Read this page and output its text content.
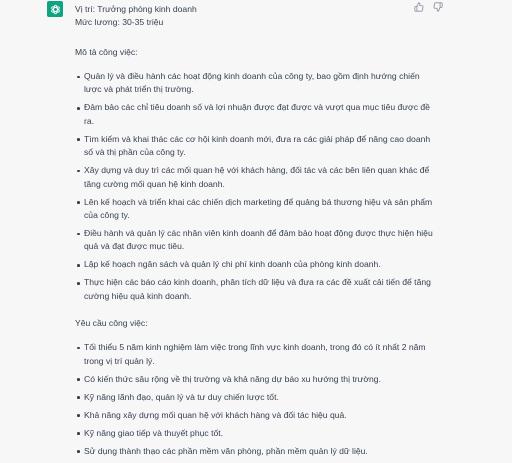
Vị trí: Trưởng phòng kinh doanh

Mức lương: 30-35 triệu

Mô tả công việc:

Quản lý và điều hành các hoạt động kinh doanh của công ty, bao gồm định hướng chiến lược và phát triển thị trường.
Đảm bảo các chỉ tiêu doanh số và lợi nhuận được đạt được và vượt qua mục tiêu được đề ra.
Tìm kiếm và khai thác các cơ hội kinh doanh mới, đưa ra các giải pháp để nâng cao doanh số và thị phần của công ty.
Xây dựng và duy trì các mối quan hệ với khách hàng, đối tác và các bên liên quan khác để tăng cường mối quan hệ kinh doanh.
Lên kế hoạch và triển khai các chiến dịch marketing để quảng bá thương hiệu và sản phẩm của công ty.
Điều hành và quản lý các nhân viên kinh doanh để đảm bảo hoạt động được thực hiện hiệu quả và đạt được mục tiêu.
Lập kế hoạch ngân sách và quản lý chi phí kinh doanh của phòng kinh doanh.
Thực hiện các báo cáo kinh doanh, phân tích dữ liệu và đưa ra các đề xuất cải tiến để tăng cường hiệu quả kinh doanh.

Yêu cầu công việc:

Tối thiểu 5 năm kinh nghiệm làm việc trong lĩnh vực kinh doanh, trong đó có ít nhất 2 năm trong vị trí quản lý.
Có kiến thức sâu rộng về thị trường và khả năng dự báo xu hướng thị trường.
Kỹ năng lãnh đạo, quản lý và tư duy chiến lược tốt.
Khả năng xây dựng mối quan hệ với khách hàng và đối tác hiệu quả.
Kỹ năng giao tiếp và thuyết phục tốt.
Sử dụng thành thạo các phần mềm văn phòng, phần mềm quản lý dữ liệu.
